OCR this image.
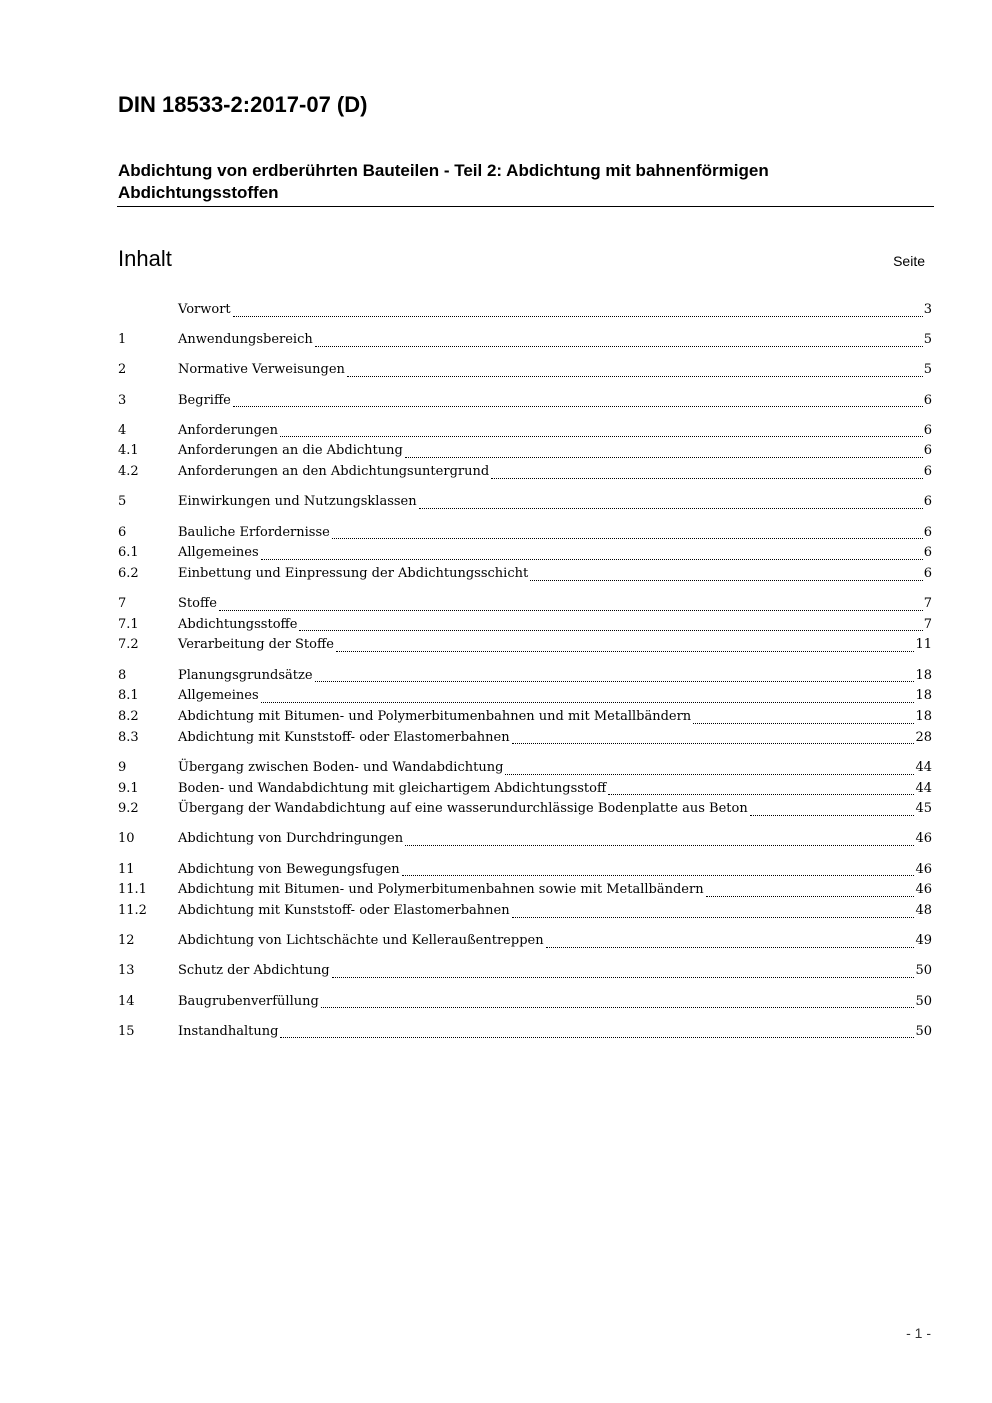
DIN 18533-2:2017-07 (D)
Abdichtung von erdberührten Bauteilen - Teil 2: Abdichtung mit bahnenförmigen Abdichtungsstoffen
Inhalt	Seite
Vorwort	3
1	Anwendungsbereich	5
2	Normative Verweisungen	5
3	Begriffe	6
4	Anforderungen	6
4.1	Anforderungen an die Abdichtung	6
4.2	Anforderungen an den Abdichtungsuntergrund	6
5	Einwirkungen und Nutzungsklassen	6
6	Bauliche Erfordernisse	6
6.1	Allgemeines	6
6.2	Einbettung und Einpressung der Abdichtungsschicht	6
7	Stoffe	7
7.1	Abdichtungsstoffe	7
7.2	Verarbeitung der Stoffe	11
8	Planungsgrundsätze	18
8.1	Allgemeines	18
8.2	Abdichtung mit Bitumen- und Polymerbitumenbahnen und mit Metallbändern	18
8.3	Abdichtung mit Kunststoff- oder Elastomerbahnen	28
9	Übergang zwischen Boden- und Wandabdichtung	44
9.1	Boden- und Wandabdichtung mit gleichartigem Abdichtungsstoff	44
9.2	Übergang der Wandabdichtung auf eine wasserundurchlässige Bodenplatte aus Beton	45
10	Abdichtung von Durchdringungen	46
11	Abdichtung von Bewegungsfugen	46
11.1	Abdichtung mit Bitumen- und Polymerbitumenbahnen sowie mit Metallbändern	46
11.2	Abdichtung mit Kunststoff- oder Elastomerbahnen	48
12	Abdichtung von Lichtschächte und Kelleraußentreppen	49
13	Schutz der Abdichtung	50
14	Baugrubenverfüllung	50
15	Instandhaltung	50
- 1 -
